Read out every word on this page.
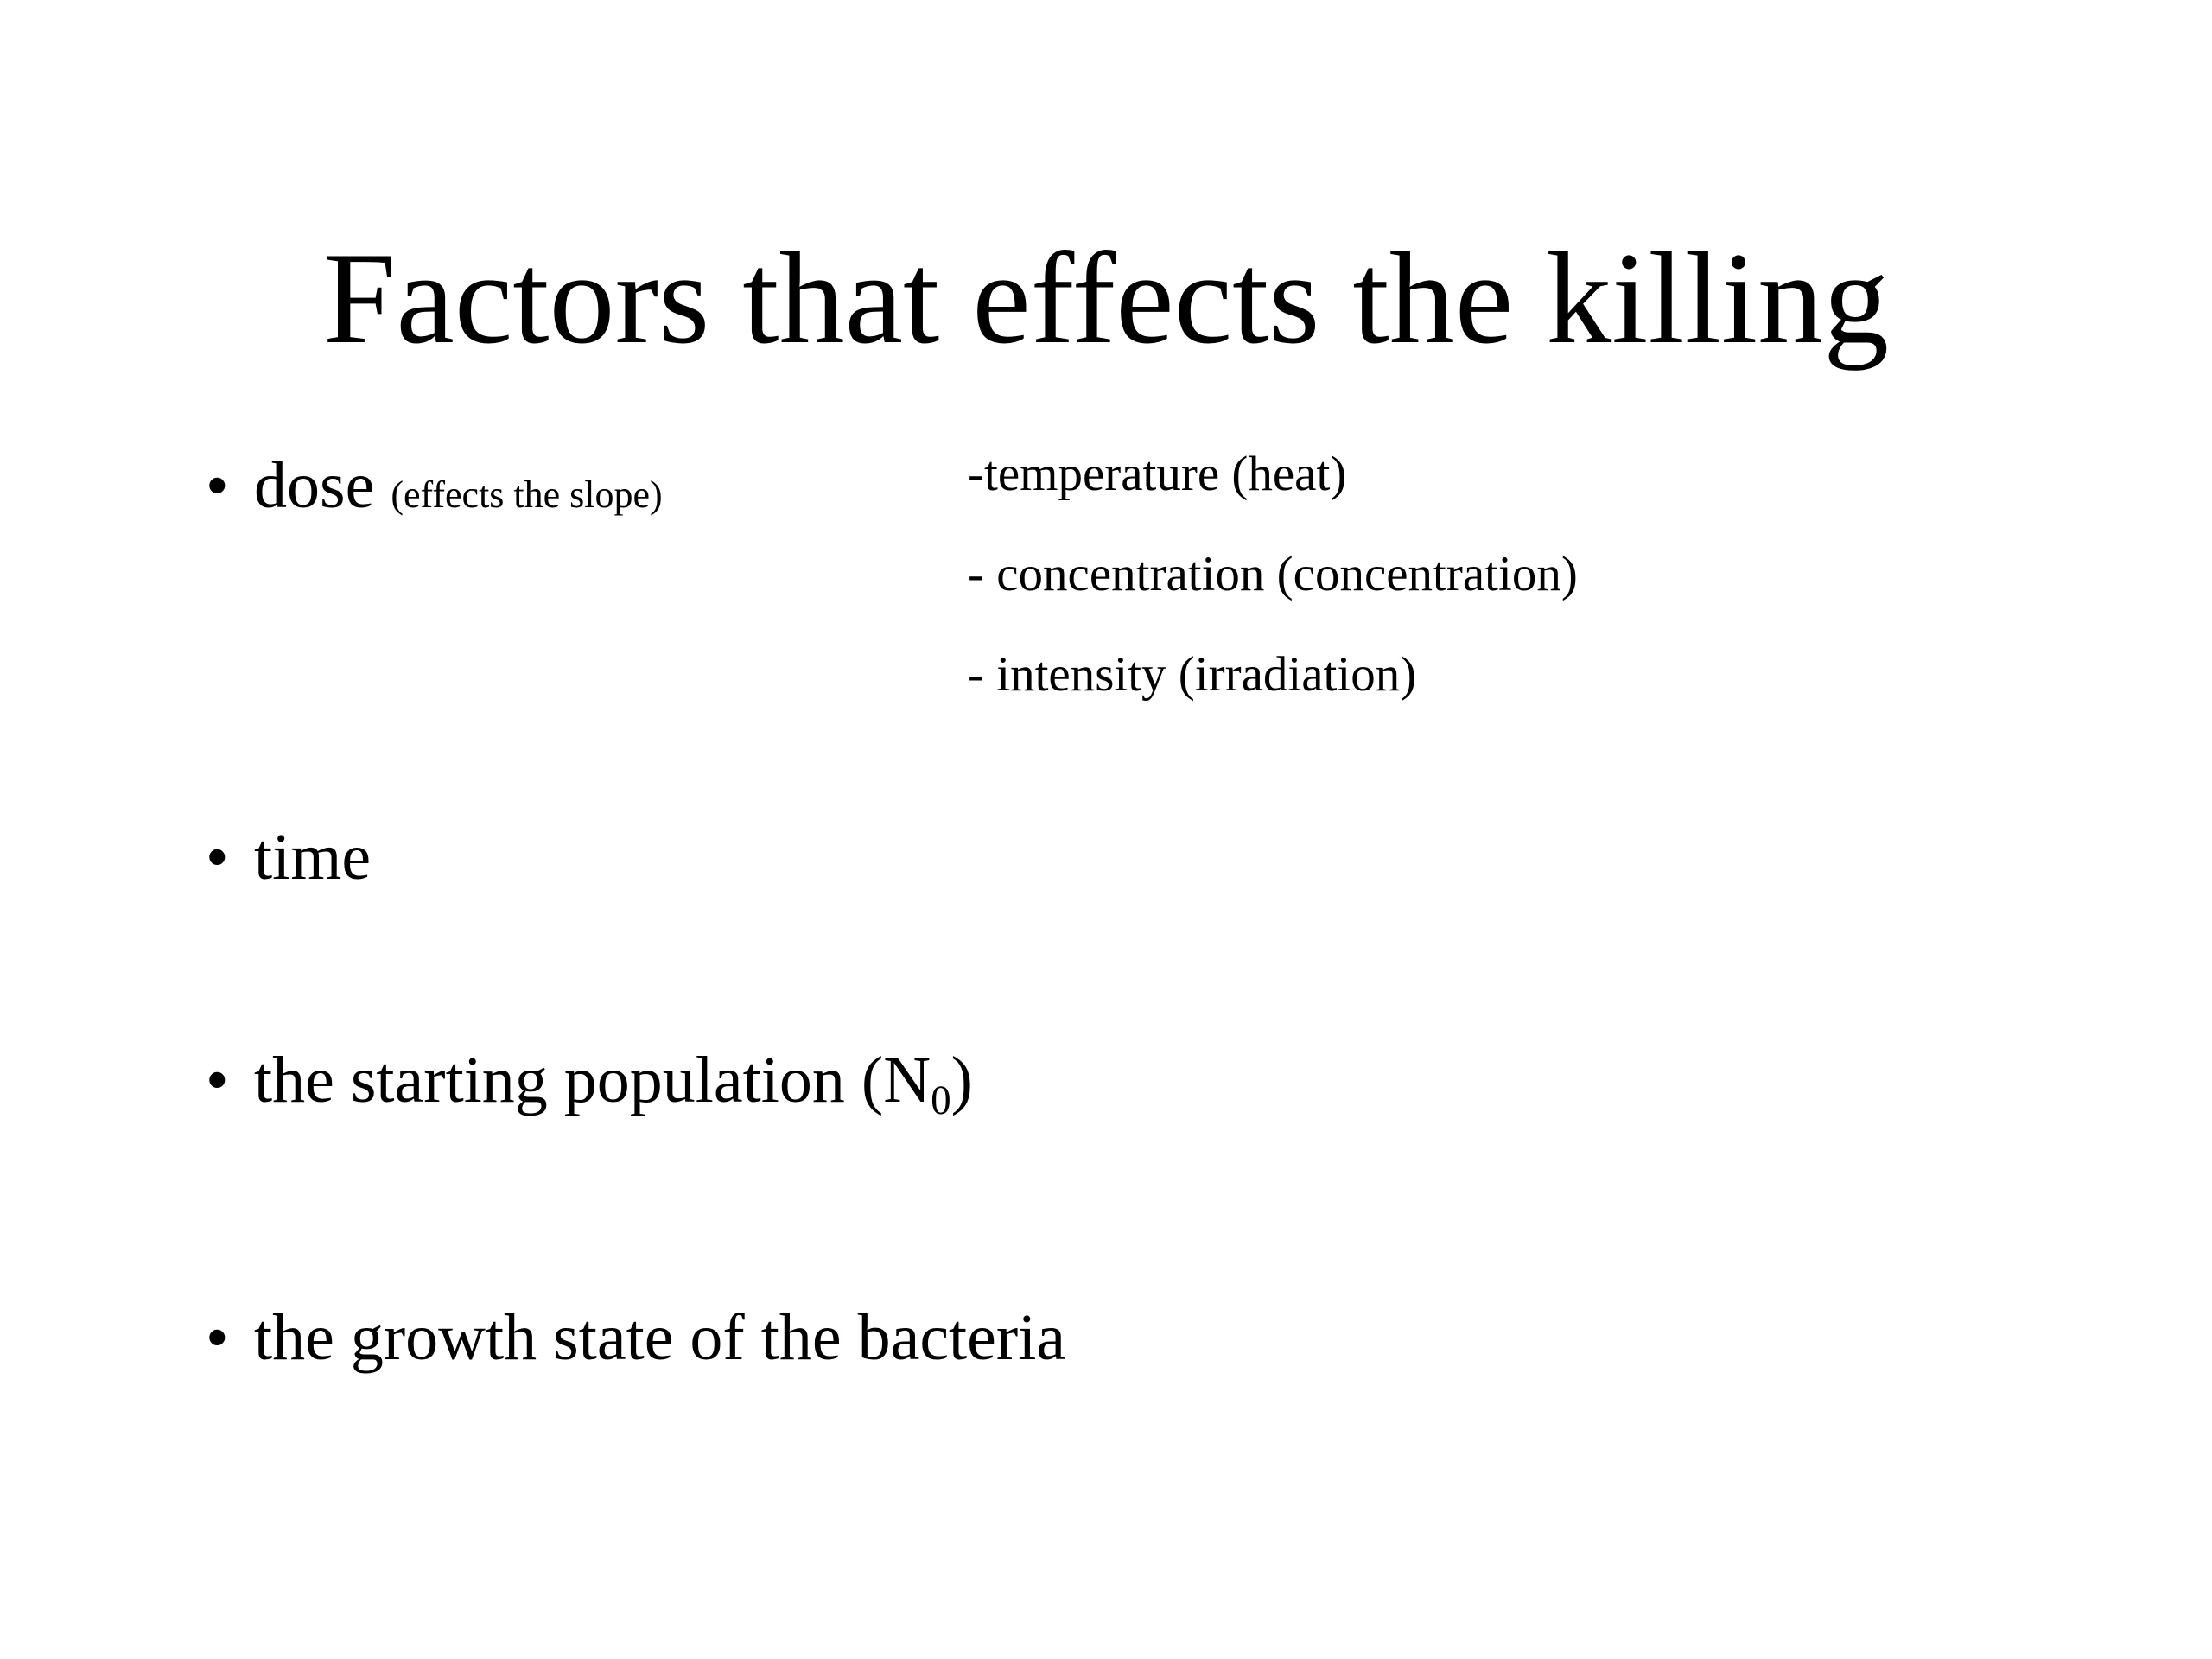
Factors that effects the killing
• dose (effects the slope)	-temperature (heat)
- concentration (concentration)
- intensity (irradiation)
• time
• the starting population $(N_0)$
• the growth state of the bacteria
